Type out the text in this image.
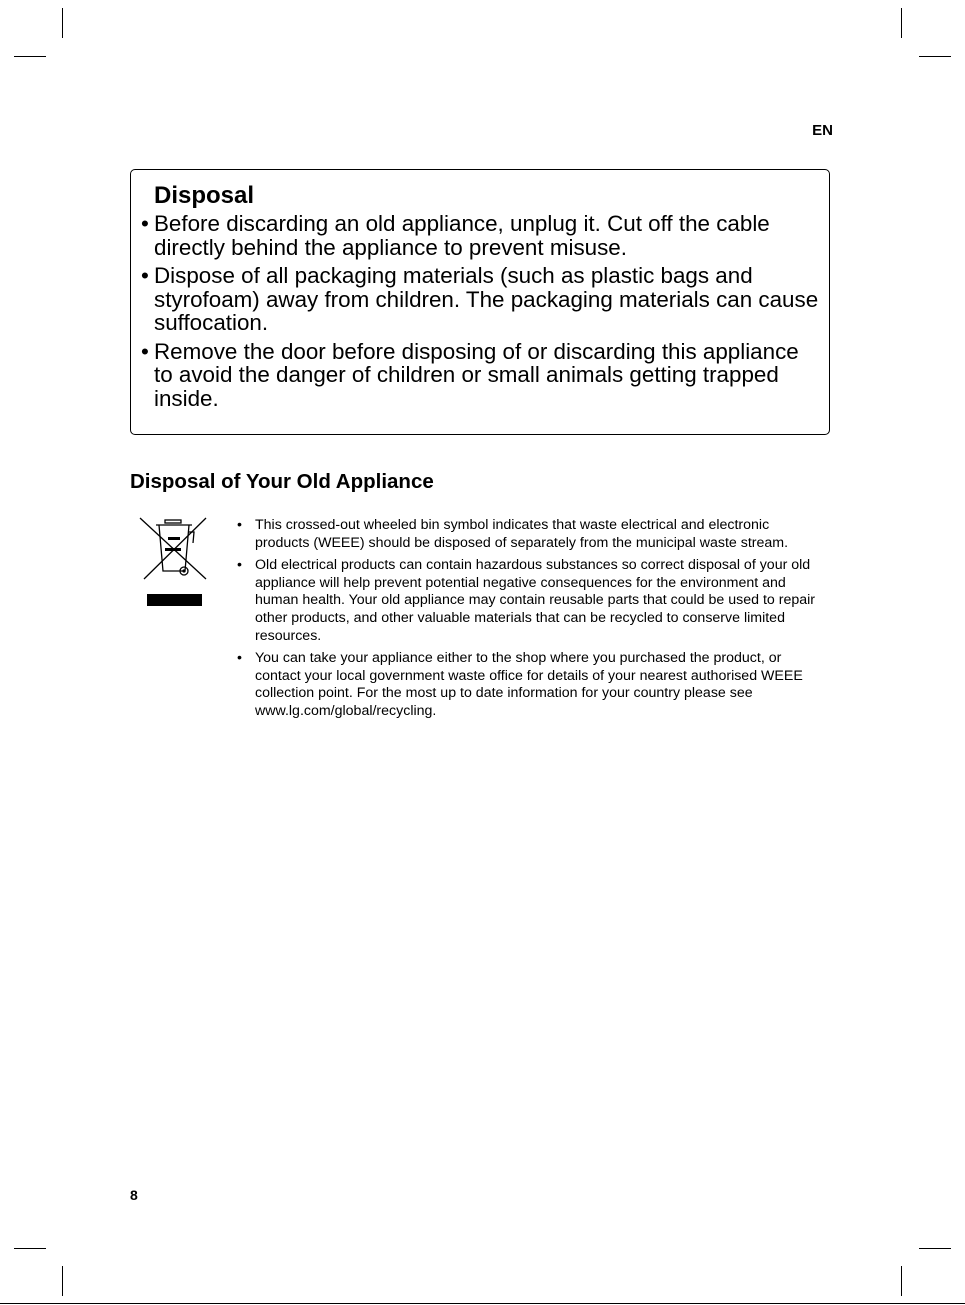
EN
Disposal
• Before discarding an old appliance, unplug it. Cut off the cable directly behind the appliance to prevent misuse.
• Dispose of all packaging materials (such as plastic bags and styrofoam) away from children. The packaging materials can cause suffocation.
• Remove the door before disposing of or discarding this appliance to avoid the danger of children or small animals getting trapped inside.
Disposal of Your Old Appliance
• This crossed-out wheeled bin symbol indicates that waste electrical and electronic products (WEEE) should be disposed of separately from the municipal waste stream.
• Old electrical products can contain hazardous substances so correct disposal of your old appliance will help prevent potential negative consequences for the environment and human health. Your old appliance may contain reusable parts that could be used to repair other products, and other valuable materials that can be recycled to conserve limited resources.
• You can take your appliance either to the shop where you purchased the product, or contact your local government waste office for details of your nearest authorised WEEE collection point. For the most up to date information for your country please see www.lg.com/global/recycling.
8
